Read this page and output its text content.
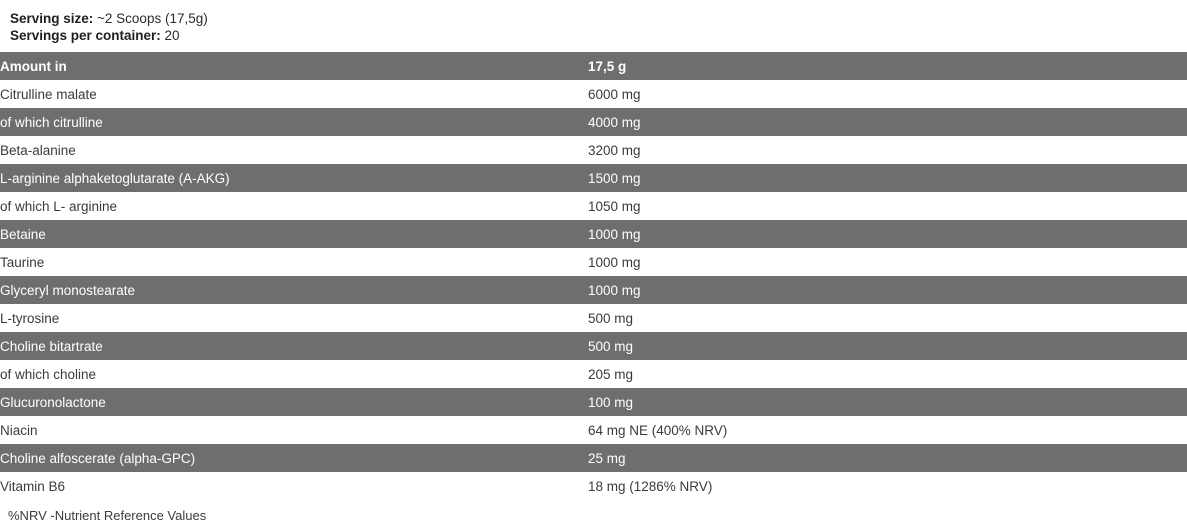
Serving size: ~2 Scoops (17,5g)
Servings per container: 20
Amount in	17,5 g
Citrulline malate	6000 mg
of which citrulline	4000 mg
Beta-alanine	3200 mg
L-arginine alphaketoglutarate (A-AKG)	1500 mg
of which L- arginine	1050 mg
Betaine	1000 mg
Taurine	1000 mg
Glyceryl monostearate	1000 mg
L-tyrosine	500 mg
Choline bitartrate	500 mg
of which choline	205 mg
Glucuronolactone	100 mg
Niacin	64 mg NE (400% NRV)
Choline alfoscerate (alpha-GPC)	25 mg
Vitamin B6	18 mg (1286% NRV)
%NRV -Nutrient Reference Values
